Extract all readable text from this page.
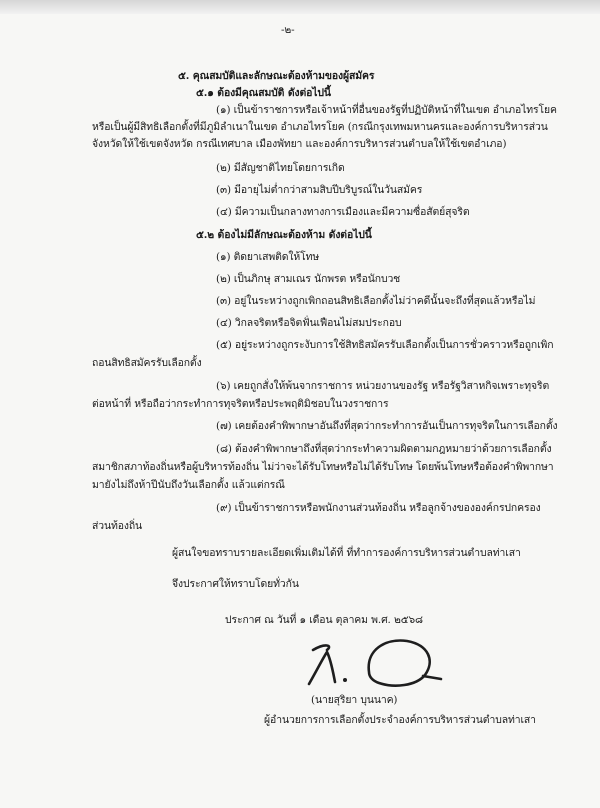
-๒-
๕. คุณสมบัติและลักษณะต้องห้ามของผู้สมัคร
๕.๑ ต้องมีคุณสมบัติ ดังต่อไปนี้
(๑) เป็นข้าราชการหรือเจ้าหน้าที่อื่นของรัฐที่ปฏิบัติหน้าที่ในเขต อำเภอไทรโยค
หรือเป็นผู้มีสิทธิเลือกตั้งที่มีภูมิลำเนาในเขต อำเภอไทรโยค (กรณีกรุงเทพมหานครและองค์การบริหารส่วน
จังหวัดให้ใช้เขตจังหวัด กรณีเทศบาล เมืองพัทยา และองค์การบริหารส่วนตำบลให้ใช้เขตอำเภอ)
(๒) มีสัญชาติไทยโดยการเกิด
(๓) มีอายุไม่ต่ำกว่าสามสิบปีบริบูรณ์ในวันสมัคร
(๔) มีความเป็นกลางทางการเมืองและมีความซื่อสัตย์สุจริต
๕.๒ ต้องไม่มีลักษณะต้องห้าม ดังต่อไปนี้
(๑) ติดยาเสพติดให้โทษ
(๒) เป็นภิกษุ สามเณร นักพรต หรือนักบวช
(๓) อยู่ในระหว่างถูกเพิกถอนสิทธิเลือกตั้งไม่ว่าคดีนั้นจะถึงที่สุดแล้วหรือไม่
(๔) วิกลจริตหรือจิตฟั่นเฟือนไม่สมประกอบ
(๕) อยู่ระหว่างถูกระงับการใช้สิทธิสมัครรับเลือกตั้งเป็นการชั่วคราวหรือถูกเพิก
ถอนสิทธิสมัครรับเลือกตั้ง
(๖) เคยถูกสั่งให้พ้นจากราชการ หน่วยงานของรัฐ หรือรัฐวิสาหกิจเพราะทุจริต
ต่อหน้าที่ หรือถือว่ากระทำการทุจริตหรือประพฤติมิชอบในวงราชการ
(๗) เคยต้องคำพิพากษาอันถึงที่สุดว่ากระทำการอันเป็นการทุจริตในการเลือกตั้ง
(๘) ต้องคำพิพากษาถึงที่สุดว่ากระทำความผิดตามกฎหมายว่าด้วยการเลือกตั้ง
สมาชิกสภาท้องถิ่นหรือผู้บริหารท้องถิ่น ไม่ว่าจะได้รับโทษหรือไม่ได้รับโทษ โดยพ้นโทษหรือต้องคำพิพากษา
มายังไม่ถึงห้าปีนับถึงวันเลือกตั้ง แล้วแต่กรณี
(๙) เป็นข้าราชการหรือพนักงานส่วนท้องถิ่น หรือลูกจ้างขององค์กรปกครอง
ส่วนท้องถิ่น
ผู้สนใจขอทราบรายละเอียดเพิ่มเติมได้ที่ ที่ทำการองค์การบริหารส่วนตำบลท่าเสา
จึงประกาศให้ทราบโดยทั่วกัน
ประกาศ ณ วันที่ ๑ เดือน ตุลาคม พ.ศ. ๒๕๖๘
(นายสุริยา บุนนาค)
ผู้อำนวยการการเลือกตั้งประจำองค์การบริหารส่วนตำบลท่าเสา
